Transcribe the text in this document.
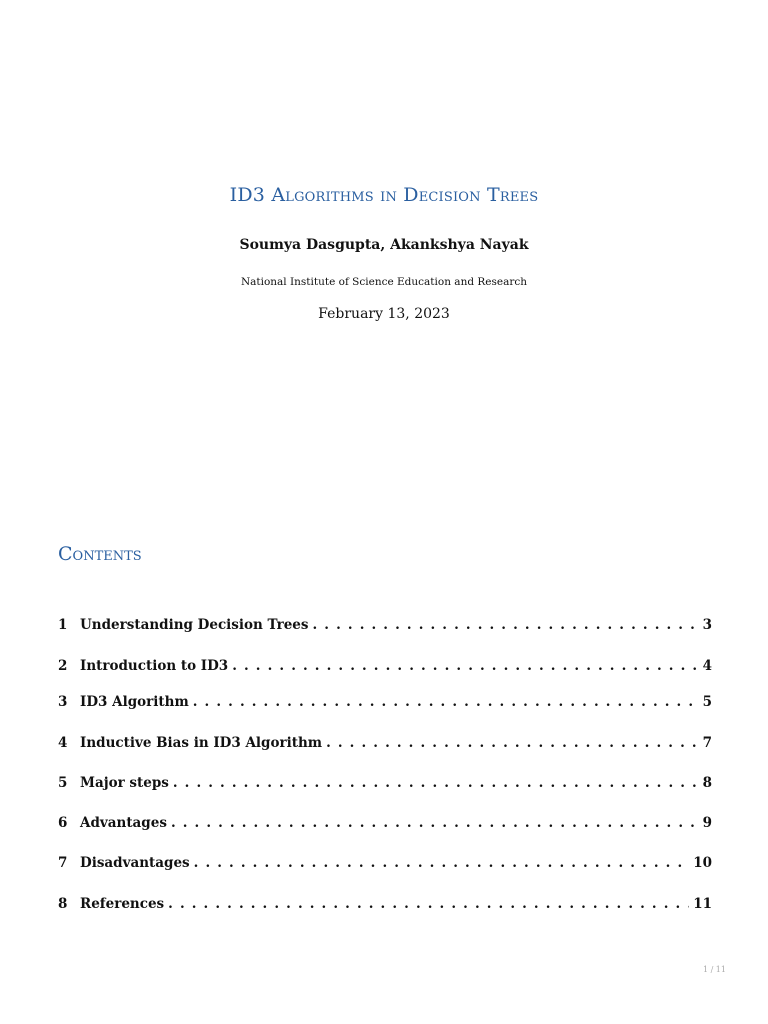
ID3 Algorithms in Decision Trees

Soumya Dasgupta, Akankshya Nayak

National Institute of Science Education and Research

February 13, 2023

Contents
1 Understanding Decision Trees . . .	3
2 Introduction to ID3 . . .	4
3 ID3 Algorithm . . .	5
4 Inductive Bias in ID3 Algorithm . . .	7
5 Major steps . . .	8
6 Advantages . . .	9
7 Disadvantages . . .	10
8 References . . .	11

1 / 11
